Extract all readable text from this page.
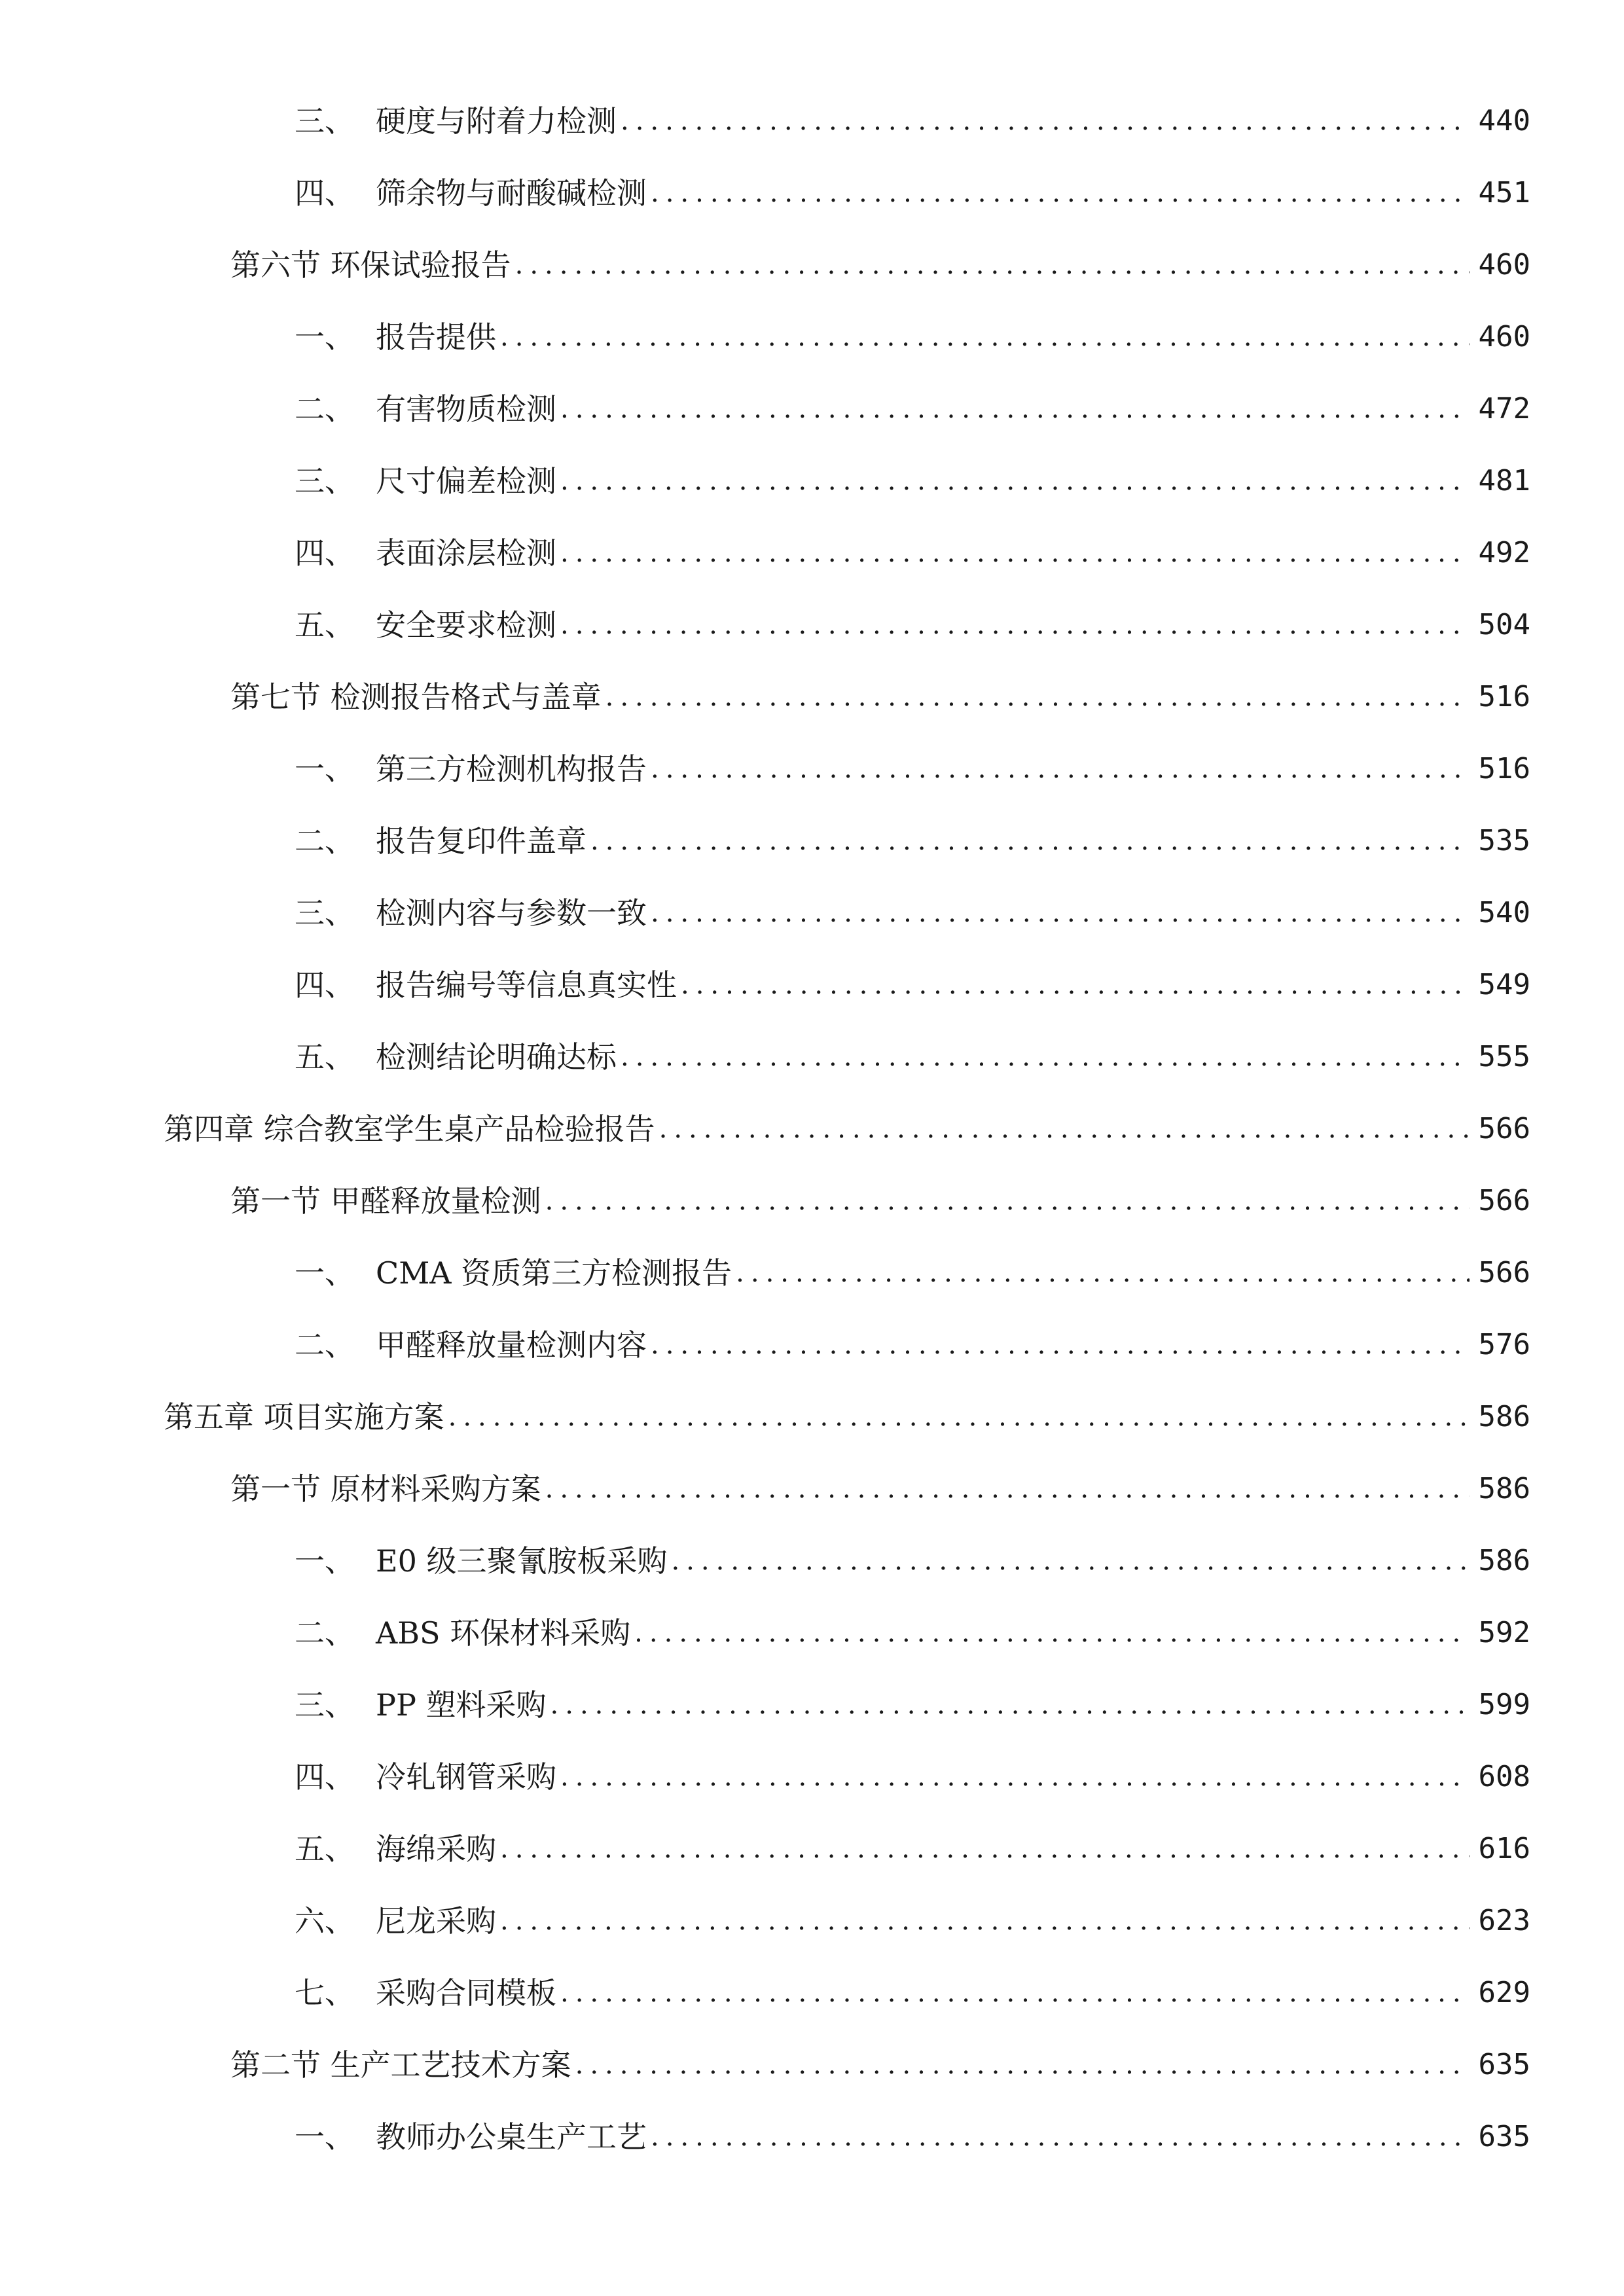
三、 硬度与附着力检测 .....	440
四、 筛余物与耐酸碱检测 .....	451
第六节 环保试验报告 .....	460
一、 报告提供 .....	460
二、 有害物质检测 .....	472
三、 尺寸偏差检测 .....	481
四、 表面涂层检测 .....	492
五、 安全要求检测 .....	504
第七节 检测报告格式与盖章 .....	516
一、 第三方检测机构报告 .....	516
二、 报告复印件盖章 .....	535
三、 检测内容与参数一致 .....	540
四、 报告编号等信息真实性 .....	549
五、 检测结论明确达标 .....	555
第四章 综合教室学生桌产品检验报告 .....	566
第一节 甲醛释放量检测 .....	566
一、 CMA 资质第三方检测报告 .....	566
二、 甲醛释放量检测内容 .....	576
第五章 项目实施方案 .....	586
第一节 原材料采购方案 .....	586
一、 E0 级三聚氰胺板采购 .....	586
二、 ABS 环保材料采购 .....	592
三、 PP 塑料采购 .....	599
四、 冷轧钢管采购 .....	608
五、 海绵采购 .....	616
六、 尼龙采购 .....	623
七、 采购合同模板 .....	629
第二节 生产工艺技术方案 .....	635
一、 教师办公桌生产工艺 .....	635
